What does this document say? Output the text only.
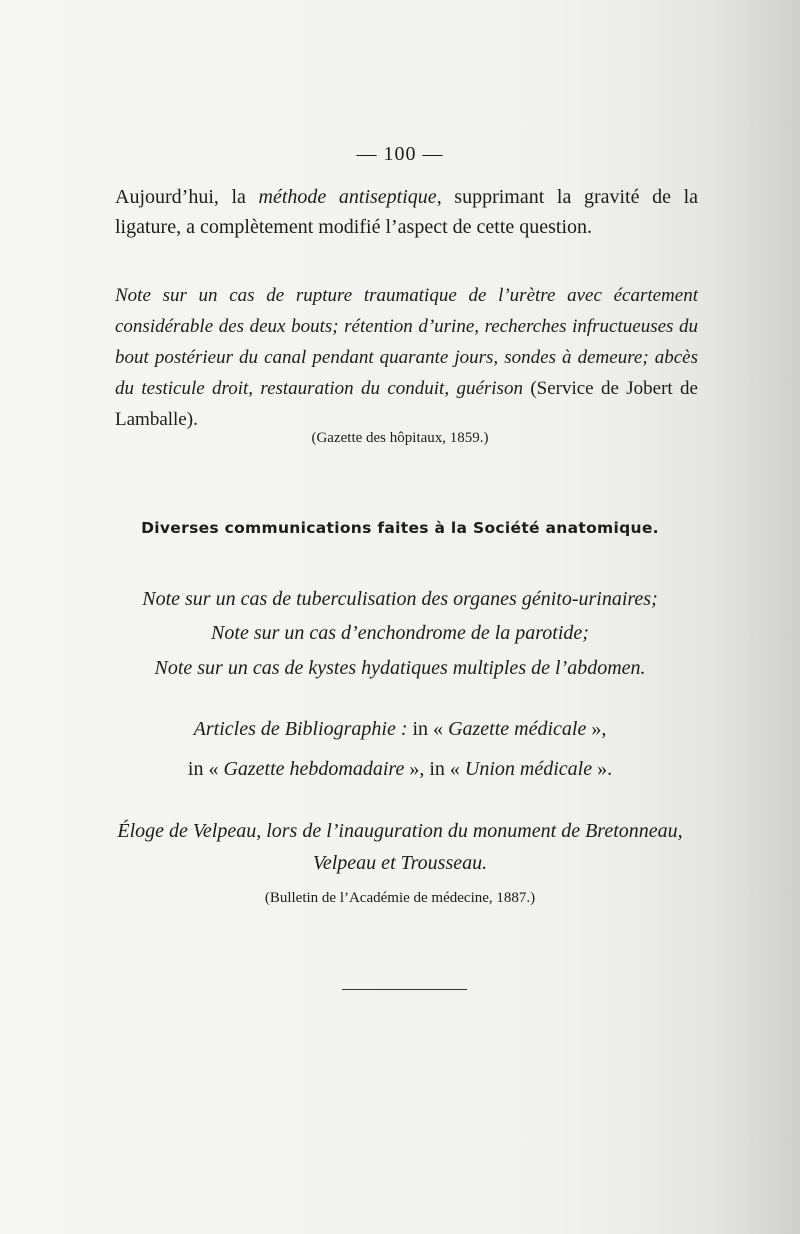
— 100 —
Aujourd’hui, la méthode antiseptique, supprimant la gravité de la ligature, a complètement modifié l’aspect de cette question.
Note sur un cas de rupture traumatique de l’urètre avec écartement considérable des deux bouts; rétention d’urine, recherches infructueuses du bout postérieur du canal pendant quarante jours, sondes à demeure; abcès du testicule droit, restauration du conduit, guérison (Service de Jobert de Lamballe).
(Gazette des hôpitaux, 1859.)
Diverses communications faites à la Société anatomique.
Note sur un cas de tuberculisation des organes génito-urinaires;
Note sur un cas d’enchondrome de la parotide;
Note sur un cas de kystes hydatiques multiples de l’abdomen.
Articles de Bibliographie : in « Gazette médicale »,
in « Gazette hebdomadaire », in « Union médicale ».
Éloge de Velpeau, lors de l’inauguration du monument de Bretonneau,
Velpeau et Trousseau.
(Bulletin de l’Académie de médecine, 1887.)
